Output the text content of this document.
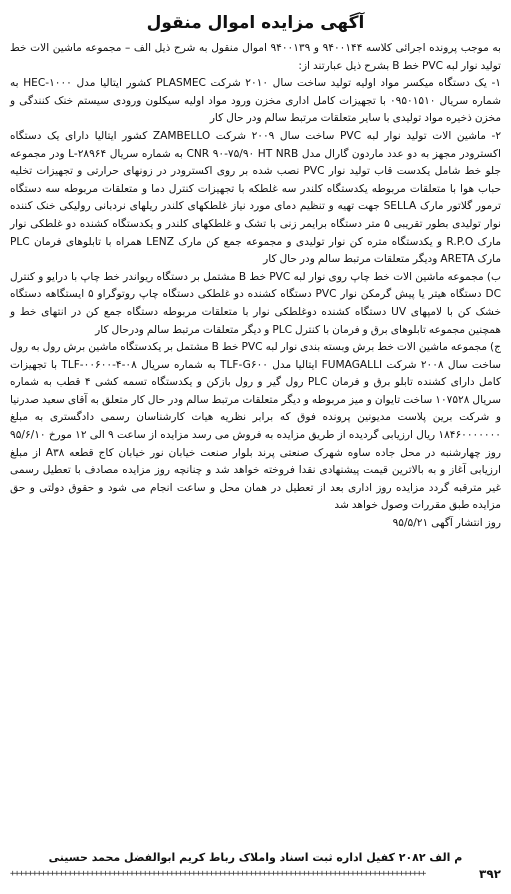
آگهی مزایده اموال منقول

به موجب پرونده اجرائی کلاسه ۹۴۰۰۱۴۴ و ۹۴۰۰۱۳۹ اموال منقول به شرح ذیل الف – مجموعه ماشین الات خط تولید نوار لبه PVC خط B بشرح ذیل عبارتند از:

۱- یک دستگاه میکسر مواد اولیه تولید ساخت سال ۲۰۱۰ شرکت PLASMEC کشور ایتالیا مدل HEC-۱۰۰۰ به شماره سریال ۰۹۵۰۱۵۱۰ با تجهیزات کامل اداری مخزن ورود مواد اولیه سیکلون ورودی سیستم خنک کنندگی و مخزن ذخیره مواد تولیدی با سایر متعلقات مرتبط سالم ودر حال کار

۲- ماشین الات تولید نوار لبه PVC ساخت سال ۲۰۰۹ شرکت ZAMBELLO کشور ایتالیا دارای یک دستگاه اکسترودر مجهز به دو عدد ماردون گارال مدل CNR ۹۰-۷۵/۹۰ HT NRB به شماره سریال L-۲۸۹۶۴ ودر مجموعه جلو خط شامل یکدست قاب تولید نوار PVC نصب شده بر روی اکسترودر در زونهای حرارتی و تجهیزات تخلیه حباب هوا با متعلقات مربوطه یکدستگاه کلندر سه غلطکه با تجهیزات کنترل دما و متعلقات مربوطه سه دستگاه ترمور گلاتور مارک SELLA جهت تهیه و تنظیم دمای مورد نیاز غلطکهای کلندر ریلهای نردبانی رولیکی خنک کننده نوار تولیدی بطور تقریبی ۵ متر دستگاه برایمر زنی با تشک و غلطکهای کلندر و یکدستگاه کشنده دو غلطکی نوار مارک R.P.O و یکدستگاه متره کن نوار تولیدی و مجموعه جمع کن مارک LENZ همراه با تابلوهای فرمان PLC مارک ARETA ودیگر متعلقات مرتبط سالم ودر حال کار

ب) مجموعه ماشین الات خط چاپ روی نوار لبه PVC خط B مشتمل بر دستگاه ریواندر خط چاپ با درایو و کنترل DC دستگاه هیتر یا پیش گرمکن نوار PVC دستگاه کشنده دو غلطکی دستگاه چاپ روتوگراو ۵ ایستگاهه دستگاه خشک کن با لامپهای UV دستگاه کشنده دوغلطکی نوار با متعلقات مربوطه دستگاه جمع کن در انتهای خط و همچنین مجموعه تابلوهای برق و فرمان با کنترل PLC و دیگر متعلقات مرتبط سالم ودرحال کار

ج) مجموعه ماشین الات خط برش وبسته بندی نوار لبه PVC خط B مشتمل بر یکدستگاه ماشین برش رول به رول ساخت سال ۲۰۰۸ شرکت FUMAGALLI ایتالیا مدل TLF-G۶۰۰ به شماره سریال TLF-۰۰۶۰۰-۴-۰۸ با تجهیزات کامل دارای کشنده تابلو برق و فرمان PLC رول گیر و رول بازکن و یکدستگاه تسمه کشی ۴ قطب به شماره سریال ۱۰۷۵۲۸ ساخت تایوان و میز مربوطه و دیگر متعلقات مرتبط سالم ودر حال کار متعلق به آقای سعید صدرنیا و شرکت برین پلاست مدیونین پرونده فوق که برابر نظریه هیات کارشناسان رسمی دادگستری به مبلغ ۱۸۴۶۰۰۰۰۰۰۰ ریال ارزیابی گردیده از طریق مزایده به فروش می رسد مزایده از ساعت ۹ الی ۱۲ مورخ ۹۵/۶/۱۰ روز چهارشنبه در محل جاده ساوه شهرک صنعتی پرند بلوار صنعت خیابان نور خیابان کاج قطعه A۳۸ از مبلغ ارزیابی آغاز و به بالاترین قیمت پیشنهادی نقدا فروخته خواهد شد و چنانچه روز مزایده مصادف با تعطیل رسمی غیر مترقبه گردد مزایده روز اداری بعد از تعطیل در همان محل و ساعت انجام می شود و حقوق دولتی و حق مزایده طبق مقررات وصول خواهد شد

روز انتشار آگهی ۹۵/۵/۲۱

م الف ۲۰۸۲ کفیل اداره ثبت اسناد واملاک رباط کریم ابوالفضل محمد حسینی
++++++++++++++++++++++++++++++++++++++++++++++++++++++++++++++++++++++++++++++++++++++++++++++	۳۹۲
